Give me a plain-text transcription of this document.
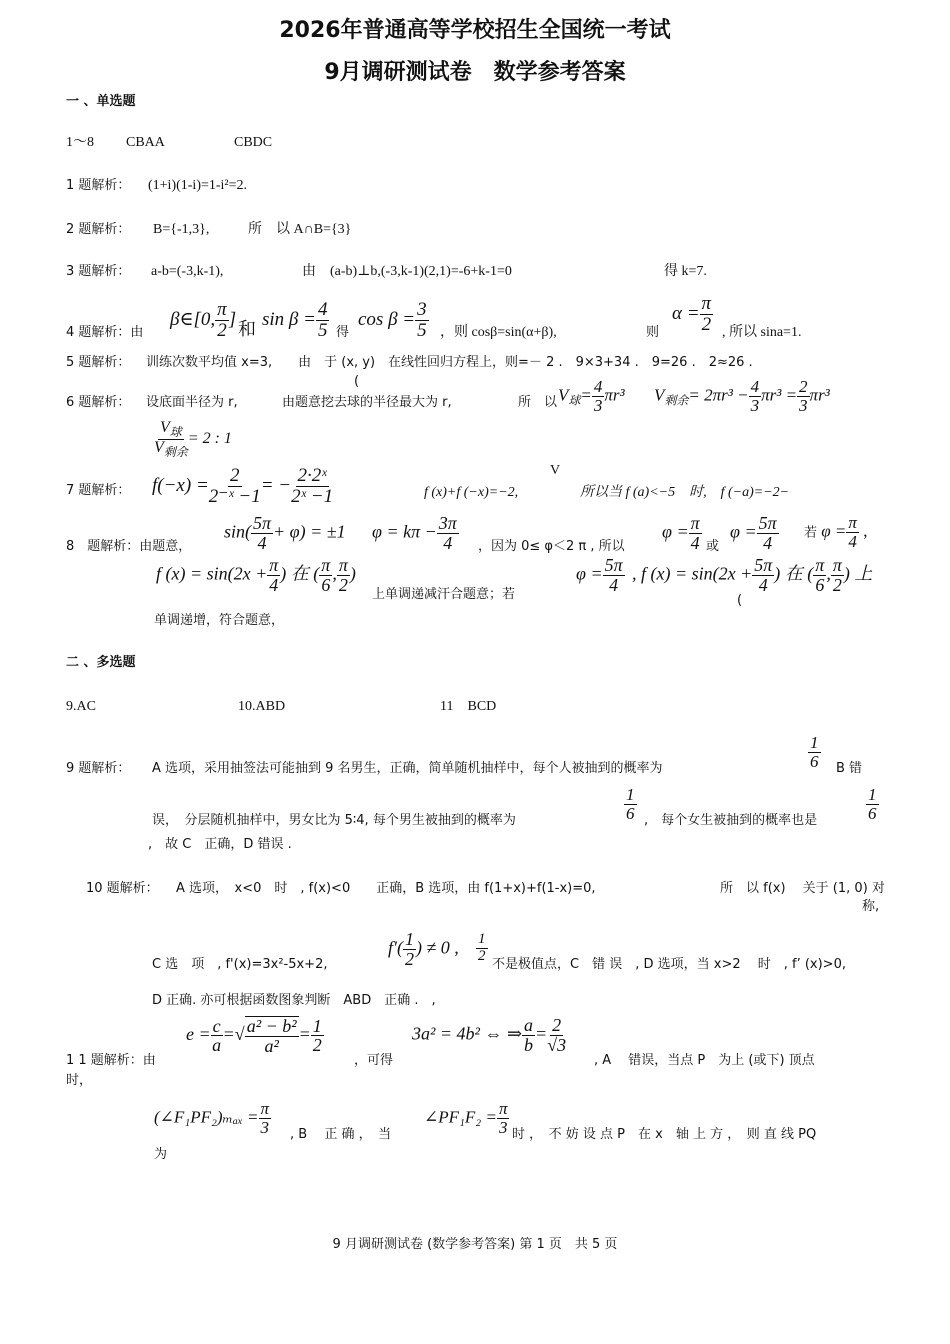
2026年普通高等学校招生全国统一考试
9月调研测试卷　数学参考答案
一 、单选题
1～8 CBAA	CBDC
1 题解析： (1+i)(1-i)=1-i²=2.
2 题解析： B={-1,3},	所　以 A∩B={3}
3 题解析： a-b=(-3,k-1),	由　(a-b)⊥b,(-3,k-1)(2,1)=-6+k-1=0	得 k=7.
4 题解析：由
β∈[0, $\frac{\pi}{2}$ ] 和 $\sin \beta = \frac{4}{5}$ 得
$\cos \beta = \frac{3}{5}$ ，则 cosβ=sin(α+β),	则
$\alpha = \frac{\pi}{2}$ , 所以 sina=1.
5 题解析： 训练次数平均值 x=3,　　由　于 (x, y)　在线性回归方程上，则=－ 2 .　9×3+34 .　9=26 .　2≈26 .
(
6 题解析： 设底面半径为 r,	由题意挖去球的半径最大为 r,	所　以 $V_球= \frac{4}{3} \pi r^3$ $V_{剩余}= 2\pi r^3 - \frac{4}{3} \pi r^3 = \frac{2}{3} \pi r^3$
$\frac{V_球}{V_{剩余}} = 2$ : 1
V
7 题解析： $f(-x) = \frac{2}{\text{2⁻ˣ −1}}$ = − $\frac{\text{2·2ˣ}}{\text{2ˣ −1}}$	f (x)+f (−x)=−2,	所以当 f (a)<−5　时,　f (−a)=−2−
8　题解析：由题意，
$\sin( \frac{5\pi}{4} + \varphi) = \pm 1$ $\varphi = k\pi - \frac{3\pi}{4}$ ，因为 0≤ φ＜2 π , 所以
$\varphi = \frac{\pi}{4}$ 或
$\varphi = \frac{5\pi}{4}$ 若 $\varphi = \frac{\pi}{4}$ ,
f $(x) = \sin(2x + \frac{\pi}{4}$ ) 在 ( $\frac{\pi}{6}$ , $\frac{\pi}{2}$ )
上单调递减汗合题意；若
$\varphi = \frac{5\pi}{4}$ , f $(x) = \sin(2x + \frac{5\pi}{4}$ ) 在 ( $\frac{\pi}{6}$ , $\frac{\pi}{2}$ ) 上
(
单调递增，符合题意，
二 、多选题
9.AC	10.ABD	11　BCD
9 题解析： A 选项，采用抽签法可能抽到 9 名男生，正确，简单随机抽样中，每个人被抽到的概率为	$\frac{1}{6}$ B 错
误，　分层随机抽样中，男女比为 5∶4, 每个男生被抽到的概率为	$\frac{1}{6}$ ,　每个女生被抽到的概率也是	$\frac{1}{6}$
,　故 C　正确，D 错误 .
10 题解析： A 选项，　x<0　时　, f(x)<0　　正确，B 选项，由 f(1+x)+f(1-x)=0,	所　以 f(x)　 关于 (1, 0) 对
称,
C 选　项　, f'(x)=3x²-5x+2,
$f'( \frac{1}{2}$ ) ≠ 0 , $\frac{1}{2}$ 不是极值点，C　错 误　, D 选项，当 x>2　 时　, f’ (x)>0,
D 正确. 亦可根据函数图象判断　ABD　正确 .　,
1 1 题解析：由
$e = \frac{c}{a}$ =√ $\frac{\text{a² − b²}}{\text{a²}} = \frac{1}{2}$
，可得
3a² = 4b² ⇔ ⇒ $\frac{a}{b} = \frac{2}{√3}$
, A　 错误，当点 P　为上 (或下) 顶点
时，
(∠F₁PF₂)ₘₐₓ = $\frac{\pi}{3}$ , B　 正 确 ，　当
∠PF₁F₂ = $\frac{\pi}{3}$ 时 ，　不 妨 设 点 P　在 x　轴 上 方 ，　则 直 线 PQ
为
9 月调研测试卷 (数学参考答案) 第 1 页　共 5 页
